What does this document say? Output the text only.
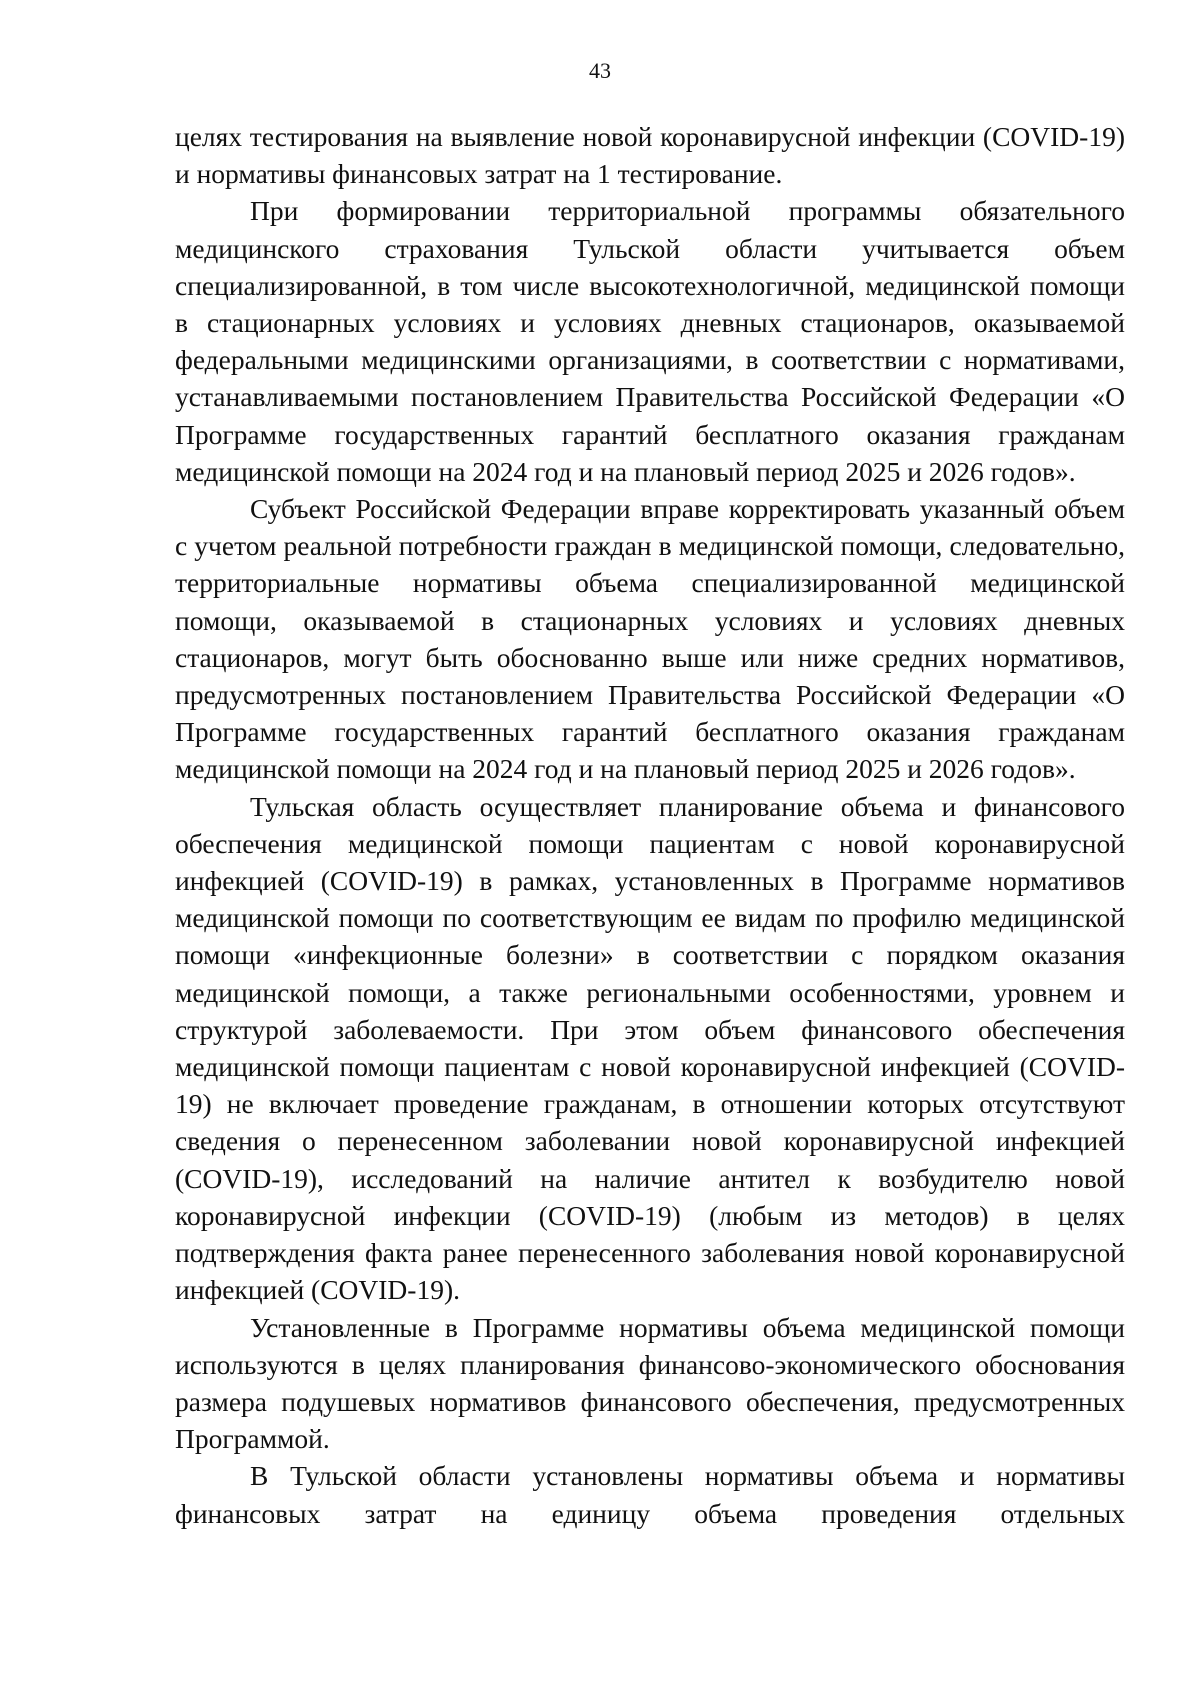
43

целях тестирования на выявление новой коронавирусной инфекции (COVID-19) и нормативы финансовых затрат на 1 тестирование.

При формировании территориальной программы обязательного медицинского страхования Тульской области учитывается объем специализированной, в том числе высокотехнологичной, медицинской помощи в стационарных условиях и условиях дневных стационаров, оказываемой федеральными медицинскими организациями, в соответствии с нормативами, устанавливаемыми постановлением Правительства Российской Федерации «О Программе государственных гарантий бесплатного оказания гражданам медицинской помощи на 2024 год и на плановый период 2025 и 2026 годов».

Субъект Российской Федерации вправе корректировать указанный объем с учетом реальной потребности граждан в медицинской помощи, следовательно, территориальные нормативы объема специализированной медицинской помощи, оказываемой в стационарных условиях и условиях дневных стационаров, могут быть обоснованно выше или ниже средних нормативов, предусмотренных постановлением Правительства Российской Федерации «О Программе государственных гарантий бесплатного оказания гражданам медицинской помощи на 2024 год и на плановый период 2025 и 2026 годов».

Тульская область осуществляет планирование объема и финансового обеспечения медицинской помощи пациентам с новой коронавирусной инфекцией (COVID-19) в рамках, установленных в Программе нормативов медицинской помощи по соответствующим ее видам по профилю медицинской помощи «инфекционные болезни» в соответствии с порядком оказания медицинской помощи, а также региональными особенностями, уровнем и структурой заболеваемости. При этом объем финансового обеспечения медицинской помощи пациентам с новой коронавирусной инфекцией (COVID-19) не включает проведение гражданам, в отношении которых отсутствуют сведения о перенесенном заболевании новой коронавирусной инфекцией (COVID-19), исследований на наличие антител к возбудителю новой коронавирусной инфекции (COVID-19) (любым из методов) в целях подтверждения факта ранее перенесенного заболевания новой коронавирусной инфекцией (COVID-19).

Установленные в Программе нормативы объема медицинской помощи используются в целях планирования финансово-экономического обоснования размера подушевых нормативов финансового обеспечения, предусмотренных Программой.

В Тульской области установлены нормативы объема и нормативы финансовых затрат на единицу объема проведения отдельных
